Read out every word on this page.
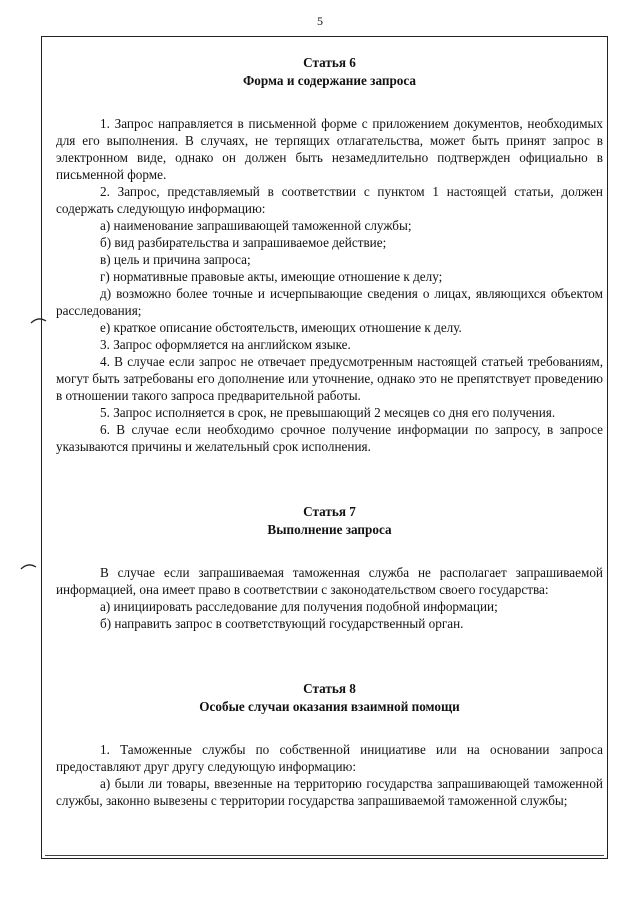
5

Статья 6

Форма и содержание запроса

1. Запрос направляется в письменной форме с приложением документов, необходимых для его выполнения. В случаях, не терпящих отлагательства, может быть принят запрос в электронном виде, однако он должен быть незамедлительно подтвержден официально в письменной форме.

2. Запрос, представляемый в соответствии с пунктом 1 настоящей статьи, должен содержать следующую информацию:

а) наименование запрашивающей таможенной службы;

б) вид разбирательства и запрашиваемое действие;

в) цель и причина запроса;

г) нормативные правовые акты, имеющие отношение к делу;

д) возможно более точные и исчерпывающие сведения о лицах, являющихся объектом расследования;

е) краткое описание обстоятельств, имеющих отношение к делу.

3. Запрос оформляется на английском языке.

4. В случае если запрос не отвечает предусмотренным настоящей статьей требованиям, могут быть затребованы его дополнение или уточнение, однако это не препятствует проведению в отношении такого запроса предварительной работы.

5. Запрос исполняется в срок, не превышающий 2 месяцев со дня его получения.

6. В случае если необходимо срочное получение информации по запросу, в запросе указываются причины и желательный срок исполнения.

Статья 7

Выполнение запроса

В случае если запрашиваемая таможенная служба не располагает запрашиваемой информацией, она имеет право в соответствии с законодательством своего государства:

а) инициировать расследование для получения подобной информации;

б) направить запрос в соответствующий государственный орган.

Статья 8

Особые случаи оказания взаимной помощи

1. Таможенные службы по собственной инициативе или на основании запроса предоставляют друг другу следующую информацию:

а) были ли товары, ввезенные на территорию государства запрашивающей таможенной службы, законно вывезены с территории государства запрашиваемой таможенной службы;
